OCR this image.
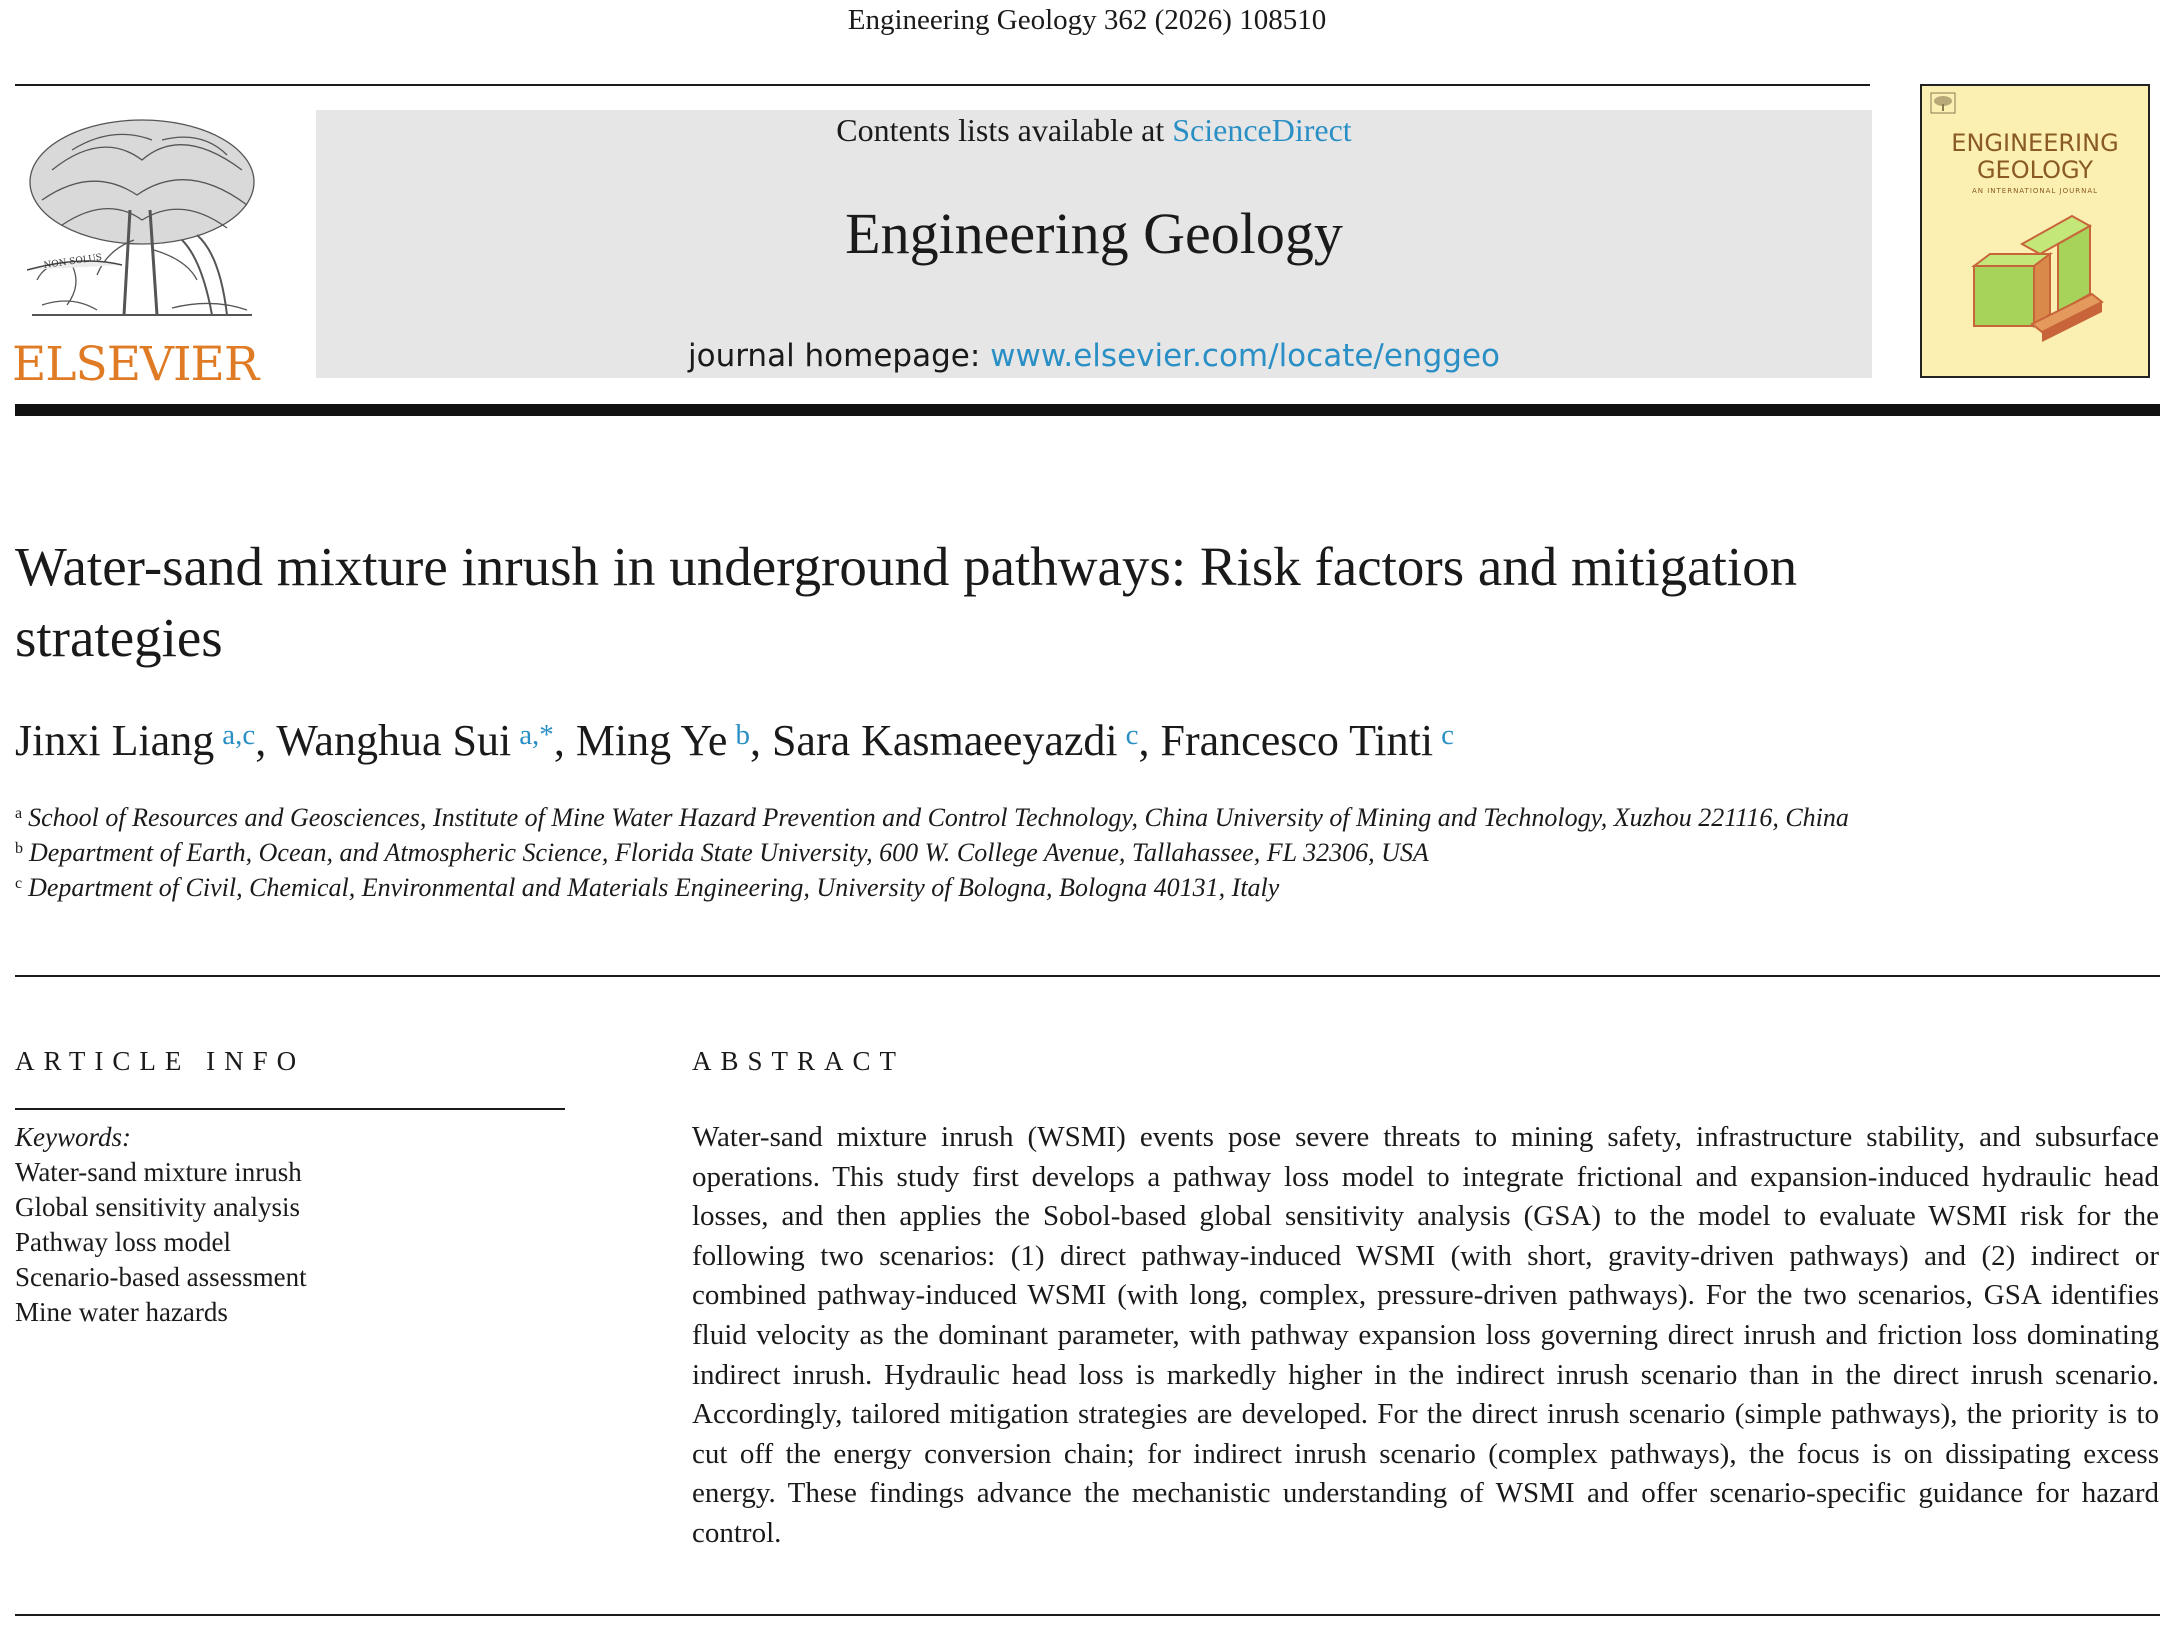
Engineering Geology 362 (2026) 108510
NON SOLUS
ELSEVIER
Contents lists available at ScienceDirect
Engineering Geology
journal homepage: www.elsevier.com/locate/enggeo
ENGINEERING
GEOLOGY
AN INTERNATIONAL JOURNAL
Water-sand mixture inrush in underground pathways: Risk factors and mitigation strategies
Jinxi Liang $^{a,c}$, Wanghua Sui $^{a,*}$, Ming Ye $^b$, Sara Kasmaeeyazdi $^c$, Francesco Tinti $^c$

$^a$ School of Resources and Geosciences, Institute of Mine Water Hazard Prevention and Control Technology, China University of Mining and Technology, Xuzhou 221116, China

$^b$ Department of Earth, Ocean, and Atmospheric Science, Florida State University, 600 W. College Avenue, Tallahassee, FL 32306, USA

$^c$ Department of Civil, Chemical, Environmental and Materials Engineering, University of Bologna, Bologna 40131, Italy

ARTICLE INFO	ABSTRACT
Keywords:
Water-sand mixture inrush
Global sensitivity analysis
Pathway loss model
Scenario-based assessment
Mine water hazards
Water-sand mixture inrush (WSMI) events pose severe threats to mining safety, infrastructure stability, and subsurface operations. This study first develops a pathway loss model to integrate frictional and expansion-induced hydraulic head losses, and then applies the Sobol-based global sensitivity analysis (GSA) to the model to evaluate WSMI risk for the following two scenarios: (1) direct pathway-induced WSMI (with short, gravity-driven pathways) and (2) indirect or combined pathway-induced WSMI (with long, complex, pressure-driven pathways). For the two scenarios, GSA identifies fluid velocity as the dominant parameter, with pathway expansion loss governing direct inrush and friction loss dominating indirect inrush. Hydraulic head loss is markedly higher in the indirect inrush scenario than in the direct inrush scenario. Accordingly, tailored mitigation strategies are developed. For the direct inrush scenario (simple pathways), the priority is to cut off the energy conversion chain; for indirect inrush scenario (complex pathways), the focus is on dissipating excess energy. These findings advance the mechanistic understanding of WSMI and offer scenario-specific guidance for hazard control.
